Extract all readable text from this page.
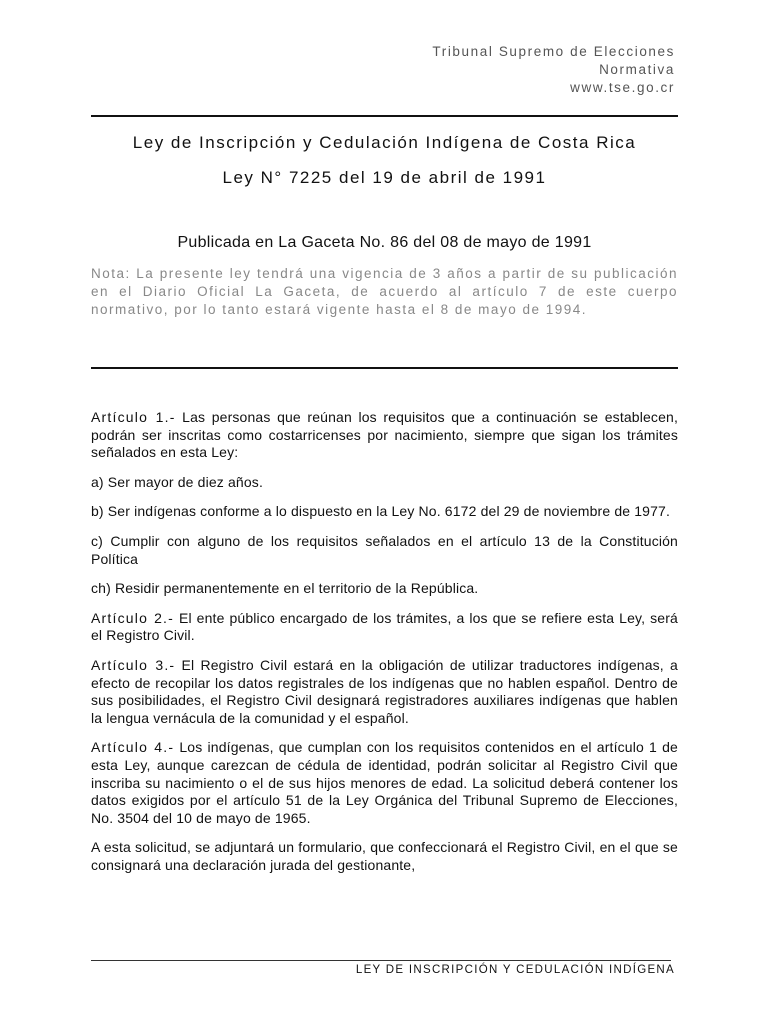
Tribunal Supremo de Elecciones
Normativa
www.tse.go.cr
Ley de Inscripción y Cedulación Indígena de Costa Rica
Ley N° 7225 del 19 de abril de 1991
Publicada en La Gaceta No. 86 del 08 de mayo de 1991
Nota: La presente ley tendrá una vigencia de 3 años a partir de su publicación en el Diario Oficial La Gaceta, de acuerdo al artículo 7 de este cuerpo normativo, por lo tanto estará vigente hasta el 8 de mayo de 1994.

Artículo 1.- Las personas que reúnan los requisitos que a continuación se establecen, podrán ser inscritas como costarricenses por nacimiento, siempre que sigan los trámites señalados en esta Ley:

a) Ser mayor de diez años.

b) Ser indígenas conforme a lo dispuesto en la Ley No. 6172 del 29 de noviembre de 1977.

c) Cumplir con alguno de los requisitos señalados en el artículo 13 de la Constitución Política

ch) Residir permanentemente en el territorio de la República.

Artículo 2.- El ente público encargado de los trámites, a los que se refiere esta Ley, será el Registro Civil.

Artículo 3.- El Registro Civil estará en la obligación de utilizar traductores indígenas, a efecto de recopilar los datos registrales de los indígenas que no hablen español. Dentro de sus posibilidades, el Registro Civil designará registradores auxiliares indígenas que hablen la lengua vernácula de la comunidad y el español.

Artículo 4.- Los indígenas, que cumplan con los requisitos contenidos en el artículo 1 de esta Ley, aunque carezcan de cédula de identidad, podrán solicitar al Registro Civil que inscriba su nacimiento o el de sus hijos menores de edad. La solicitud deberá contener los datos exigidos por el artículo 51 de la Ley Orgánica del Tribunal Supremo de Elecciones, No. 3504 del 10 de mayo de 1965.

A esta solicitud, se adjuntará un formulario, que confeccionará el Registro Civil, en el que se consignará una declaración jurada del gestionante,

LEY DE INSCRIPCIÓN Y CEDULACIÓN INDÍGENA
